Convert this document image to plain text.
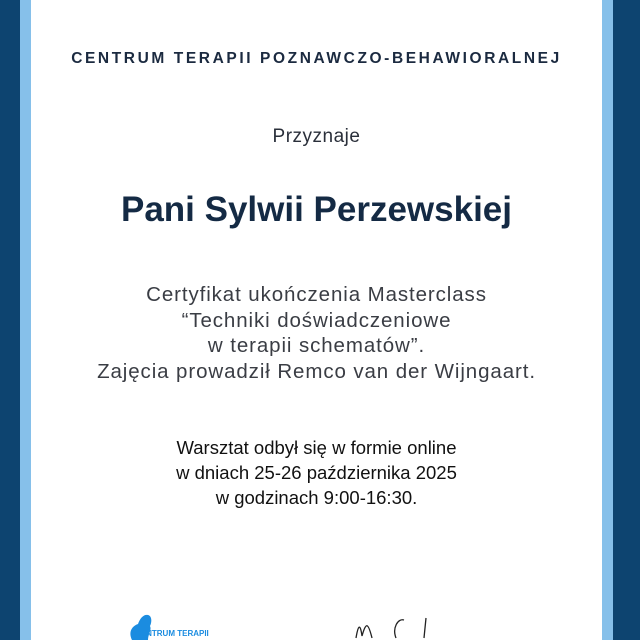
CENTRUM TERAPII POZNAWCZO-BEHAWIORALNEJ
Przyznaje
Pani Sylwii Perzewskiej
Certyfikat ukończenia Masterclass
“Techniki doświadczeniowe
w terapii schematów”.
Zajęcia prowadził Remco van der Wijngaart.
Warsztat odbył się w formie online
w dniach 25-26 października 2025
w godzinach 9:00-16:30.
CENTRUM TERAPII
